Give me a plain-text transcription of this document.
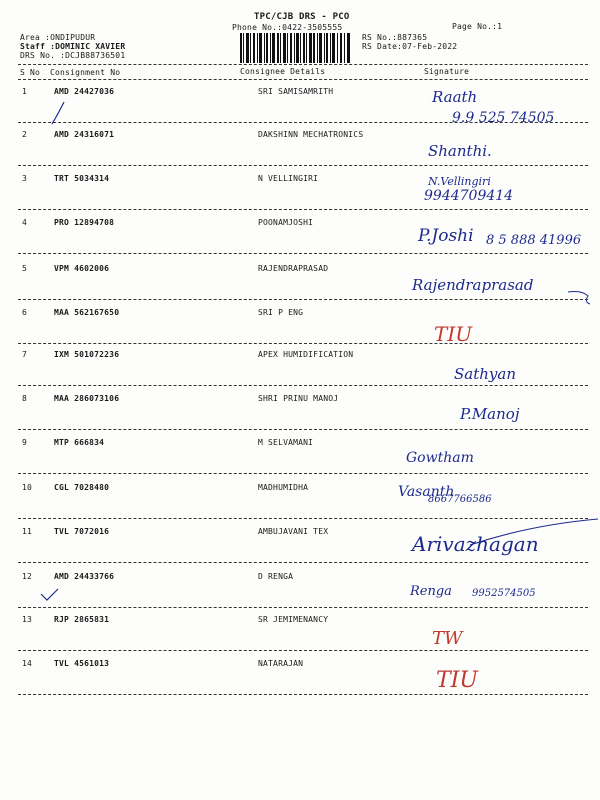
TPC/CJB DRS - PCO
Phone No.:0422-3505555	Page No.:1
Area :ONDIPUDUR
Staff :DOMINIC XAVIER
DRS No. :DCJB88736501
RS No.:887365
RS Date:07-Feb-2022
S No Consignment No	Consignee Details	Signature
1	AMD 24427036	SRI SAMISAMRITH	Raath
9.9 525 74505
2	AMD 24316071	DAKSHINN MECHATRONICS
Shanthi.
3	TRT 5034314	N VELLINGIRI	N.Vellingiri
9944709414
4	PRO 12894708	POONAMJOSHI
P.Joshi 8 5 888 41996
5	VPM 4602006	RAJENDRAPRASAD
Rajendraprasad
6	MAA 562167650	SRI P ENG
TIU
7	IXM 501072236	APEX HUMIDIFICATION
Sathyan
8	MAA 286073106	SHRI PRINU MANOJ
P.Manoj
9	MTP 666834	M SELVAMANI
Gowtham
10	CGL 7028480	MADHUMIDHA	Vasanth
8667766586
11	TVL 7072016	AMBUJAVANI TEX
Arivazhagan
12	AMD 24433766	D RENGA
Renga 9952574505
13	RJP 2865831	SR JEMIMENANCY
TW
14	TVL 4561013	NATARAJAN
TIU
